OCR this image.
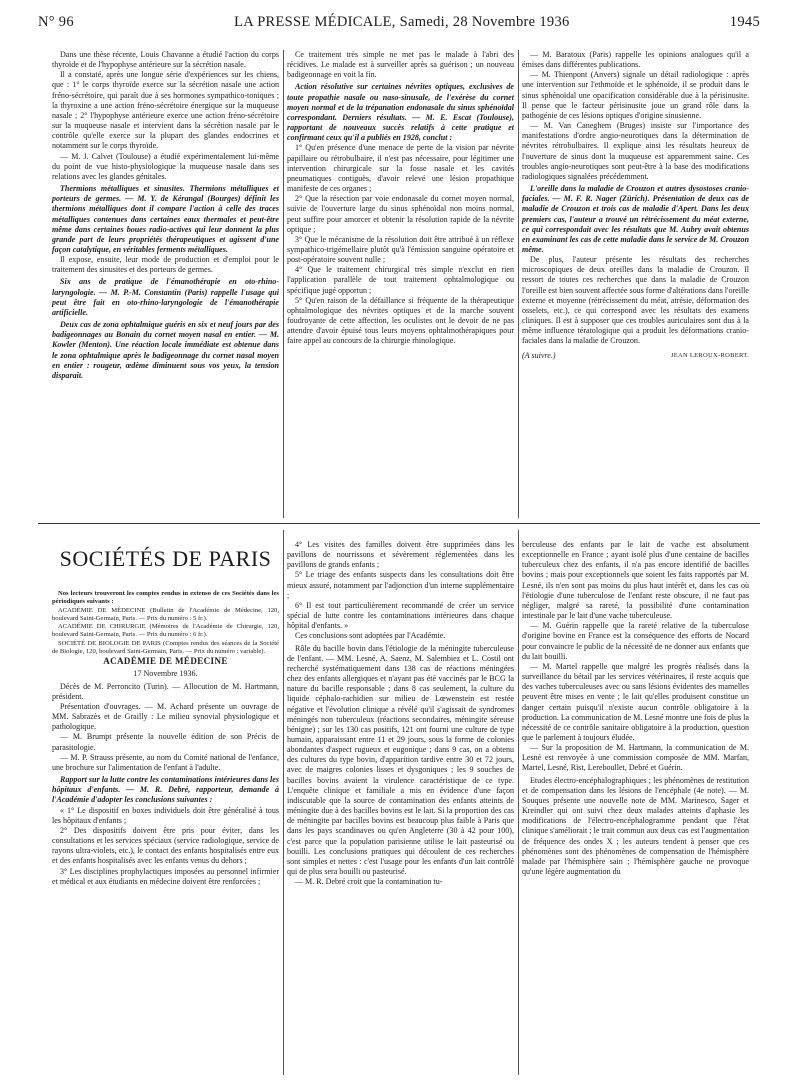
N° 96	LA PRESSE MÉDICALE, Samedi, 28 Novembre 1936	1945

Dans une thèse récente, Louis Chavanne a étudié l'action du corps thyroïde et de l'hypophyse antérieure sur la sécrétion nasale.

Il a constaté, après une longue série d'expériences sur les chiens, que : 1° le corps thyroïde exerce sur la sécrétion nasale une action fréno-sécrétoire, qui paraît due à ses hormones sympathico-toniques ; la thyroxine a une action fréno-sécrétoire énergique sur la muqueuse nasale ; 2° l'hypophyse antérieure exerce une action fréno-sécrétoire sur la muqueuse nasale et intervient dans la sécrétion nasale par le contrôle qu'elle exerce sur la plupart des glandes endocrines et notamment sur le corps thyroïde.

— M. J. Calvet (Toulouse) a étudié expérimentalement lui-même du point de vue histo-physiologique la muqueuse nasale dans ses relations avec les glandes génitales.

Thermions métalliques et sinusites. Thermions métalliques et porteurs de germes. — M. Y. de Kérangal (Bourges) définit les thermions métalliques dont il compare l'action à celle des traces métalliques contenues dans certaines eaux thermales et peut-être même dans certaines boues radio-actives qui leur donnent la plus grande part de leurs propriétés thérapeutiques et agissent d'une façon catalytique, en véritables ferments métalliques.

Il expose, ensuite, leur mode de production et d'emploi pour le traitement des sinusites et des porteurs de germes.

Six ans de pratique de l'émanothérapie en oto-rhino-laryngologie. — M. P.-M. Constantin (Paris) rappelle l'usage qui peut être fait en oto-rhino-laryngologie de l'émanothérapie artificielle.

Deux cas de zona ophtalmique guéris en six et neuf jours par des badigeonnages au Bonain du cornet moyen nasal en entier. — M. Kowler (Menton). Une réaction locale immédiate est obtenue dans le zona ophtalmique après le badigeonnage du cornet nasal moyen en entier : rougeur, œdème diminuent sous vos yeux, la tension disparaît.

Ce traitement très simple ne met pas le malade à l'abri des récidives. Le malade est à surveiller après sa guérison ; un nouveau badigeonnage en voit la fin.

Action résolutive sur certaines névrites optiques, exclusives de toute propathie nasale ou naso-sinusale, de l'exérèse du cornet moyen normal et de la trépanation endonasale du sinus sphénoïdal correspondant. Derniers résultats. — M. E. Escat (Toulouse), rapportant de nouveaux succès relatifs à cette pratique et confirmant ceux qu'il a publiés en 1928, conclut :

1° Qu'en présence d'une menace de perte de la vision par névrite papillaire ou rétrobulbaire, il n'est pas nécessaire, pour légitimer une intervention chirurgicale sur la fosse nasale et les cavités pneumatiques contiguës, d'avoir relevé une lésion propathique manifeste de ces organes ;

2° Que la résection par voie endonasale du cornet moyen normal, suivie de l'ouverture large du sinus sphénoïdal non moins normal, peut suffire pour amorcer et obtenir la résolution rapide de la névrite optique ;

3° Que le mécanisme de la résolution doit être attribué à un réflexe sympathico-trigémellaire plutôt qu'à l'émission sanguine opératoire et post-opératoire souvent nulle ;

4° Que le traitement chirurgical très simple n'exclut en rien l'application parallèle de tout traitement ophtalmologique ou spécifique jugé opportun ;

5° Qu'en raison de la défaillance si fréquente de la thérapeutique ophtalmologique des névrites optiques et de la marche souvent foudroyante de cette affection, les oculistes ont le devoir de ne pas attendre d'avoir épuisé tous leurs moyens ophtalmothérapiques pour faire appel au concours de la chirurgie rhinologique.

— M. Baratoux (Paris) rappelle les opinions analogues qu'il a émises dans différentes publications.

— M. Thienpont (Anvers) signale un détail radiologique : après une intervention sur l'ethmoïde et le sphénoïde, il se produit dans le sinus sphénoïdal une opacification considérable due à la périsinusite. Il pense que le facteur périsinusite joue un grand rôle dans la pathogénie de ces lésions optiques d'origine sinusienne.

— M. Van Caneghem (Bruges) insiste sur l'importance des manifestations d'ordre angio-neurotiques dans la détermination de névrites rétrobulbaires. Il explique ainsi les résultats heureux de l'ouverture de sinus dont la muqueuse est apparemment saine. Ces troubles angio-neurotiques sont peut-être à la base des modifications radiologiques signalées précédemment.

L'oreille dans la maladie de Crouzon et autres dysostoses cranio-faciales. — M. F. R. Nager (Zürich). Présentation de deux cas de maladie de Crouzon et trois cas de maladie d'Apert. Dans les deux premiers cas, l'auteur a trouvé un rétrécissement du méat externe, ce qui correspondait avec les résultats que M. Aubry avait obtenus en examinant les cas de cette maladie dans le service de M. Crouzon même.

De plus, l'auteur présente les résultats des recherches microscopiques de deux oreilles dans la maladie de Crouzon. Il ressort de toutes ces recherches que dans la maladie de Crouzon l'oreille est bien souvent affectée sous forme d'altérations dans l'oreille externe et moyenne (rétrécissement du méat, atrésie, déformation des osselets, etc.), ce qui correspond avec les résultats des examens cliniques. Il est à supposer que ces troubles auriculaires sont dus à la même influence tératologique qui a produit les déformations cranio-faciales dans la maladie de Crouzon.

(A suivre.)	JEAN LEROUX-ROBERT.
SOCIÉTÉS DE PARIS

Nos lecteurs trouveront les comptes rendus in extenso de ces Sociétés dans les périodiques suivants :

ACADÉMIE DE MÉDECINE (Bulletin de l'Académie de Médecine, 120, boulevard Saint-Germain, Paris. — Prix du numéro : 5 fr.).

ACADÉMIE DE CHIRURGIE (Mémoires de l'Académie de Chirurgie, 120, boulevard Saint-Germain, Paris. — Prix du numéro : 6 fr.).

SOCIÉTÉ DE BIOLOGIE DE PARIS (Comptes rendus des séances de la Société de Biologie, 120, boulevard Saint-Germain, Paris. — Prix du numéro : variable).

ACADÉMIE DE MÉDECINE

17 Novembre 1936.

Décès de M. Perroncito (Turin). — Allocution de M. Hartmann, président.

Présentation d'ouvrages. — M. Achard présente un ouvrage de MM. Sabrazès et de Grailly : Le milieu synovial physiologique et pathologique.

— M. Brumpt présente la nouvelle édition de son Précis de parasitologie.

— M. P. Strauss présente, au nom du Comité national de l'enfance, une brochure sur l'alimentation de l'enfant à l'adulte.

Rapport sur la lutte contre les contaminations intérieures dans les hôpitaux d'enfants. — M. R. Debré, rapporteur, demande à l'Académie d'adopter les conclusions suivantes :

« 1° Le dispositif en boxes individuels doit être généralisé à tous les hôpitaux d'enfants ;

2° Des dispositifs doivent être pris pour éviter, dans les consultations et les services spéciaux (service radiologique, service de rayons ultra-violets, etc.), le contact des enfants hospitalisés entre eux et des enfants hospitalisés avec les enfants venus du dehors ;

3° Les disciplines prophylactiques imposées au personnel infirmier et médical et aux étudiants en médecine doivent être renforcées ;

4° Les visites des familles doivent être supprimées dans les pavillons de nourrissons et sévèrement réglementées dans les pavillons de grands enfants ;

5° Le triage des enfants suspects dans les consultations doit être mieux assuré, notamment par l'adjonction d'un interne supplémentaire ;

6° Il est tout particulièrement recommandé de créer un service spécial de lutte contre les contaminations intérieures dans chaque hôpital d'enfants. »

Ces conclusions sont adoptées par l'Académie.

Rôle du bacille bovin dans l'étiologie de la méningite tuberculeuse de l'enfant. — MM. Lesné, A. Saenz, M. Salembiez et L. Costil ont recherché systématiquement dans 138 cas de réactions méningées chez des enfants allergiques et n'ayant pas été vaccinés par le BCG la nature du bacille responsable ; dans 8 cas seulement, la culture du liquide céphalo-rachidien sur milieu de Lœwenstein est restée négative et l'évolution clinique a révélé qu'il s'agissait de syndromes méningés non tuberculeux (réactions secondaires, méningite séreuse bénigne) ; sur les 130 cas positifs, 121 ont fourni une culture de type humain, apparaissant entre 11 et 29 jours, sous la forme de colonies abondantes d'aspect rugueux et eugonique ; dans 9 cas, on a obtenu des cultures du type bovin, d'apparition tardive entre 30 et 72 jours, avec de maigres colonies lisses et dysgoniques ; les 9 souches de bacilles bovins avaient la virulence caractéristique de ce type. L'enquête clinique et familiale a mis en évidence d'une façon indiscutable que la source de contamination des enfants atteints de méningite due à des bacilles bovins est le lait. Si la proportion des cas de méningite par bacilles bovins est beaucoup plus faible à Paris que dans les pays scandinaves ou qu'en Angleterre (30 à 42 pour 100), c'est parce que la population parisienne utilise le lait pasteurisé ou bouilli. Les conclusions pratiques qui découlent de ces recherches sont simples et nettes : c'est l'usage pour les enfants d'un lait contrôlé qui de plus sera bouilli ou pasteurisé.

— M. R. Debré croit que la contamination tu-

berculeuse des enfants par le lait de vache est absolument exceptionnelle en France ; ayant isolé plus d'une centaine de bacilles tuberculeux chez des enfants, il n'a pas encore identifié de bacilles bovins ; mais pour exceptionnels que soient les faits rapportés par M. Lesné, ils n'en sont pas moins du plus haut intérêt et, dans les cas où l'étiologie d'une tuberculose de l'enfant reste obscure, il ne faut pas négliger, malgré sa rareté, la possibilité d'une contamination intestinale par le lait d'une vache tuberculeuse.

— M. Guérin rappelle que la rareté relative de la tuberculose d'origine bovine en France est la conséquence des efforts de Nocard pour convaincre le public de la nécessité de ne donner aux enfants que du lait bouilli.

— M. Martel rappelle que malgré les progrès réalisés dans la surveillance du bétail par les services vétérinaires, il reste acquis que des vaches tuberculeuses avec ou sans lésions évidentes des mamelles peuvent être mises en vente ; le lait qu'elles produisent constitue un danger certain puisqu'il n'existe aucun contrôle obligatoire à la production. La communication de M. Lesné montre une fois de plus la nécessité de ce contrôle sanitaire obligatoire à la production, question que le parlement à toujours éludée.

— Sur la proposition de M. Hartmann, la communication de M. Lesné est renvoyée à une commission composée de MM. Marfan, Martel, Lesné, Rist, Lereboullet, Debré et Guérin.

Etudes électro-encéphalographiques ; les phénomènes de restitution et de compensation dans les lésions de l'encéphale (4e note). — M. Souques présente une nouvelle note de MM. Marinesco, Sager et Kreindler qui ont suivi chez deux malades atteints d'aphasie les modifications de l'électro-encéphalogramme pendant que l'état clinique s'améliorait ; le trait commun aux deux cas est l'augmentation de fréquence des ondes X ; les auteurs tendent à penser que ces phénomènes sont des phénomènes de compensation de l'hémisphère malade par l'hémisphère sain ; l'hémisphère gauche ne provoque qu'une légère augmentation du
